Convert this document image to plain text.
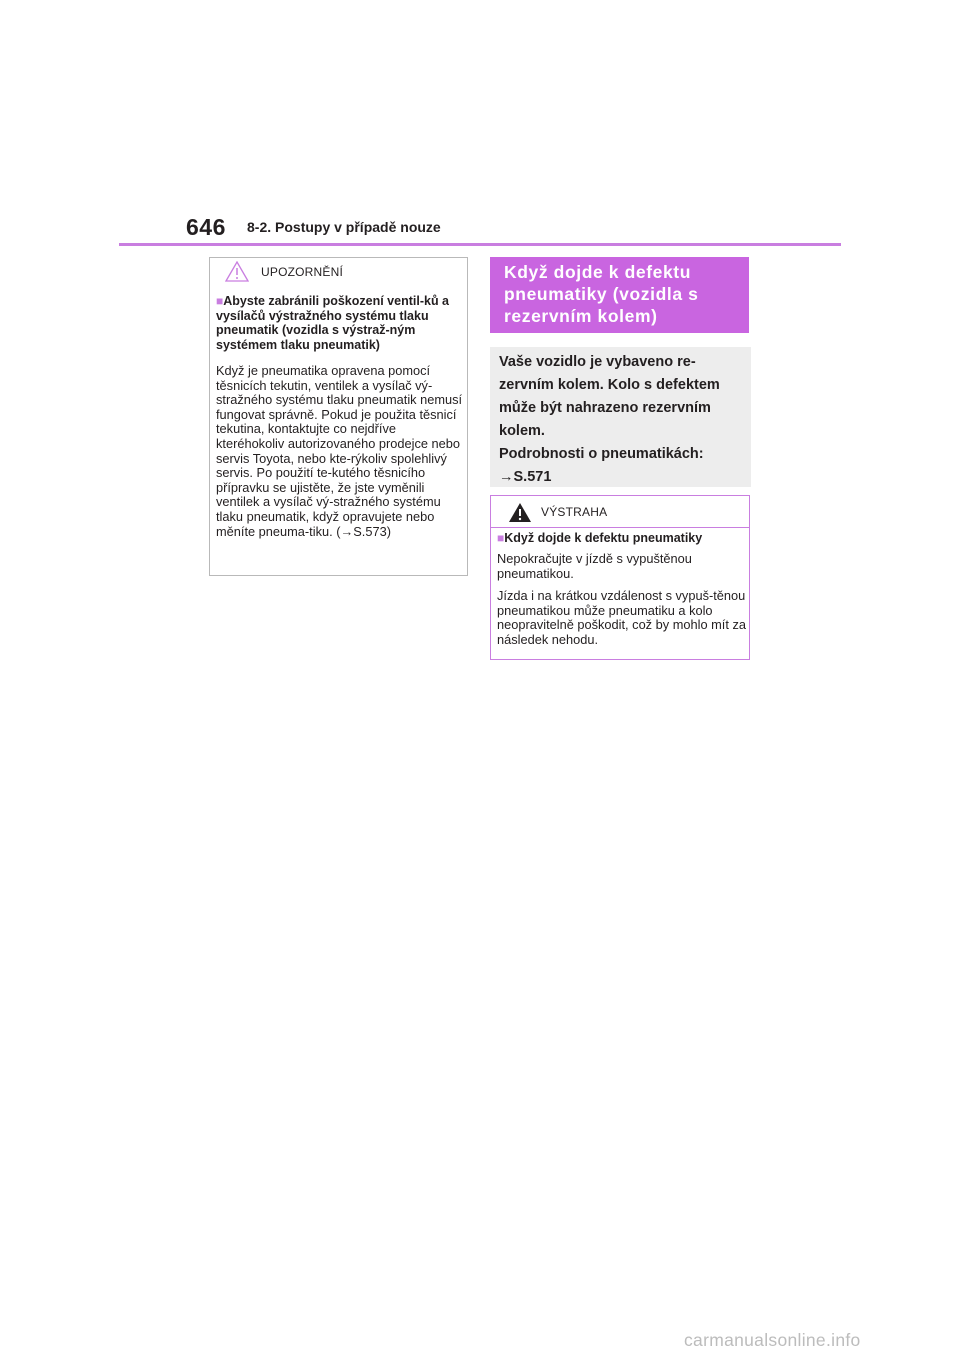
646 8-2. Postupy v případě nouze
UPOZORNĚNÍ
■Abyste zabránili poškození ventil-ků a vysílačů výstražného systému tlaku pneumatik (vozidla s výstraž-ným systémem tlaku pneumatik)
Když je pneumatika opravena pomocí těsnicích tekutin, ventilek a vysílač vý-stražného systému tlaku pneumatik nemusí fungovat správně. Pokud je použita těsnicí tekutina, kontaktujte co nejdříve kteréhokoliv autorizovaného prodejce nebo servis Toyota, nebo kte-rýkoliv spolehlivý servis. Po použití te-kutého těsnicího přípravku se ujistěte, že jste vyměnili ventilek a vysílač vý-stražného systému tlaku pneumatik, když opravujete nebo měníte pneuma-tiku. (→S.573)
Když dojde k defektu pneumatiky (vozidla s rezervním kolem)
Vaše vozidlo je vybaveno re-zervním kolem. Kolo s defektem může být nahrazeno rezervním kolem.
Podrobnosti o pneumatikách:
→S.571
VÝSTRAHA
■Když dojde k defektu pneumatiky
Nepokračujte v jízdě s vypuštěnou pneumatikou.
Jízda i na krátkou vzdálenost s vypuš-těnou pneumatikou může pneumatiku a kolo neopravitelně poškodit, což by mohlo mít za následek nehodu.
carmanualsonline.info
